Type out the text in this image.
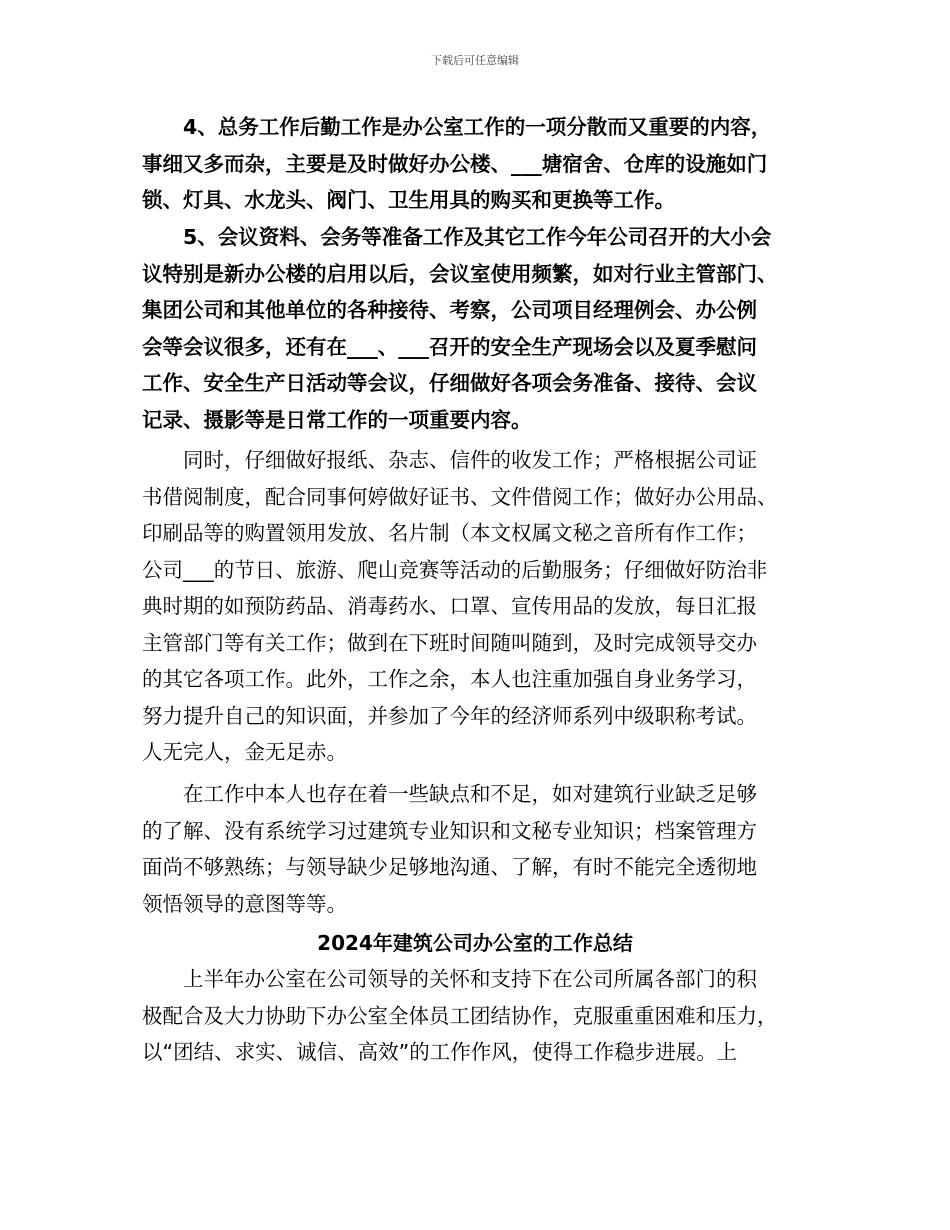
下载后可任意编辑

　　4、总务工作后勤工作是办公室工作的一项分散而又重要的内容，

事细又多而杂，主要是及时做好办公楼、___塘宿舍、仓库的设施如门

锁、灯具、水龙头、阀门、卫生用具的购买和更换等工作。

　　5、会议资料、会务等准备工作及其它工作今年公司召开的大小会

议特别是新办公楼的启用以后，会议室使用频繁，如对行业主管部门、

集团公司和其他单位的各种接待、考察，公司项目经理例会、办公例

会等会议很多，还有在___、___召开的安全生产现场会以及夏季慰问

工作、安全生产日活动等会议，仔细做好各项会务准备、接待、会议

记录、摄影等是日常工作的一项重要内容。

　　同时，仔细做好报纸、杂志、信件的收发工作；严格根据公司证

书借阅制度，配合同事何婷做好证书、文件借阅工作；做好办公用品、

印刷品等的购置领用发放、名片制（本文权属文秘之音所有作工作；

公司___的节日、旅游、爬山竞赛等活动的后勤服务；仔细做好防治非

典时期的如预防药品、消毒药水、口罩、宣传用品的发放，每日汇报

主管部门等有关工作；做到在下班时间随叫随到，及时完成领导交办

的其它各项工作。此外，工作之余，本人也注重加强自身业务学习，

努力提升自己的知识面，并参加了今年的经济师系列中级职称考试。

人无完人，金无足赤。

　　在工作中本人也存在着一些缺点和不足，如对建筑行业缺乏足够

的了解、没有系统学习过建筑专业知识和文秘专业知识；档案管理方

面尚不够熟练；与领导缺少足够地沟通、了解，有时不能完全透彻地

领悟领导的意图等等。

2024年建筑公司办公室的工作总结

　　上半年办公室在公司领导的关怀和支持下在公司所属各部门的积

极配合及大力协助下办公室全体员工团结协作，克服重重困难和压力，

以“团结、求实、诚信、高效”的工作作风，使得工作稳步进展。上
